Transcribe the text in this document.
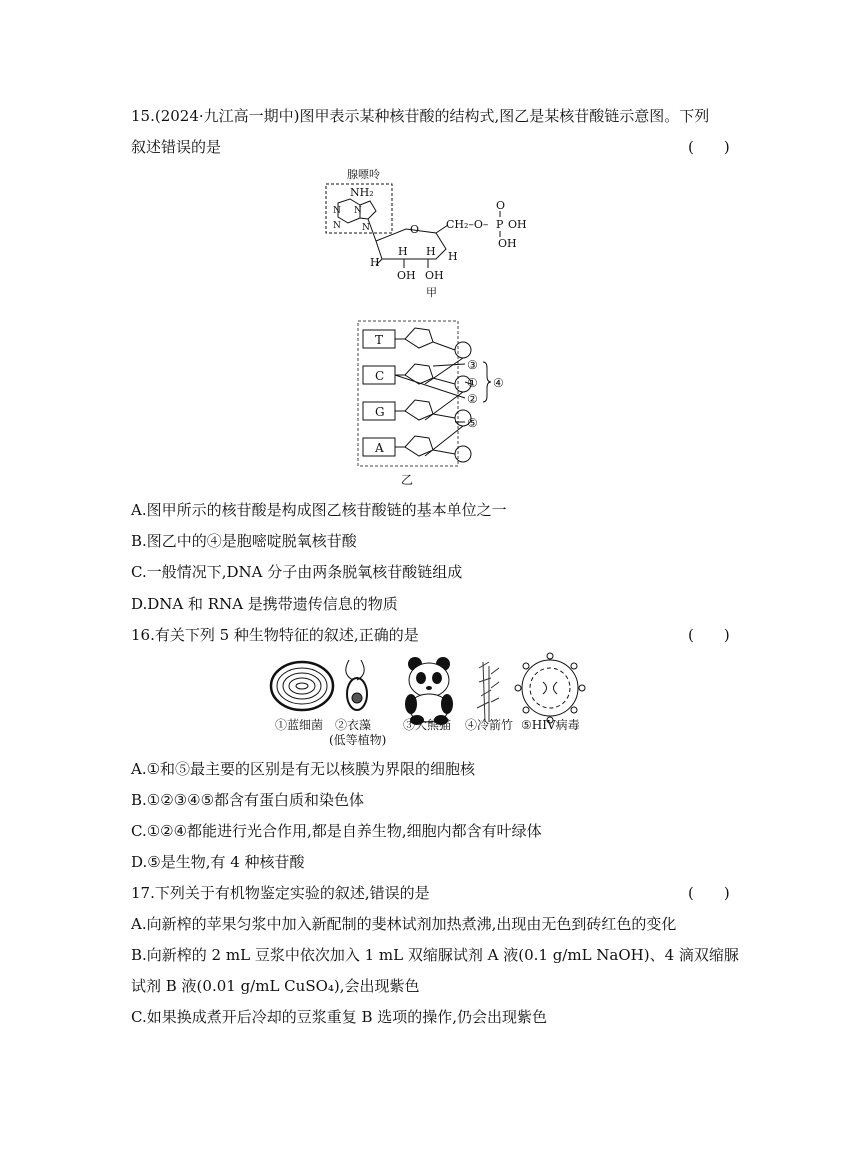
15.(2024·九江高一期中)图甲表示某种核苷酸的结构式,图乙是某核苷酸链示意图。下列
叙述错误的是	(　　)
腺嘌呤
NH₂
N N
N N	O
H
H H H
OH OH
CH₂–O– P
O
OH
OH
甲
T
C
G
A
③
①
②
⑤
④
乙
A.图甲所示的核苷酸是构成图乙核苷酸链的基本单位之一
B.图乙中的④是胞嘧啶脱氧核苷酸
C.一般情况下,DNA 分子由两条脱氧核苷酸链组成
D.DNA 和 RNA 是携带遗传信息的物质
16.有关下列 5 种生物特征的叙述,正确的是	(　　)
①蓝细菌 ②衣藻
(低等植物)
③大熊猫 ④冷箭竹 ⑤HIV病毒
A.①和⑤最主要的区别是有无以核膜为界限的细胞核
B.①②③④⑤都含有蛋白质和染色体
C.①②④都能进行光合作用,都是自养生物,细胞内都含有叶绿体
D.⑤是生物,有 4 种核苷酸
17.下列关于有机物鉴定实验的叙述,错误的是	(　　)
A.向新榨的苹果匀浆中加入新配制的斐林试剂加热煮沸,出现由无色到砖红色的变化
B.向新榨的 2 mL 豆浆中依次加入 1 mL 双缩脲试剂 A 液(0.1 g/mL NaOH)、4 滴双缩脲
试剂 B 液(0.01 g/mL CuSO₄),会出现紫色
C.如果换成煮开后冷却的豆浆重复 B 选项的操作,仍会出现紫色
